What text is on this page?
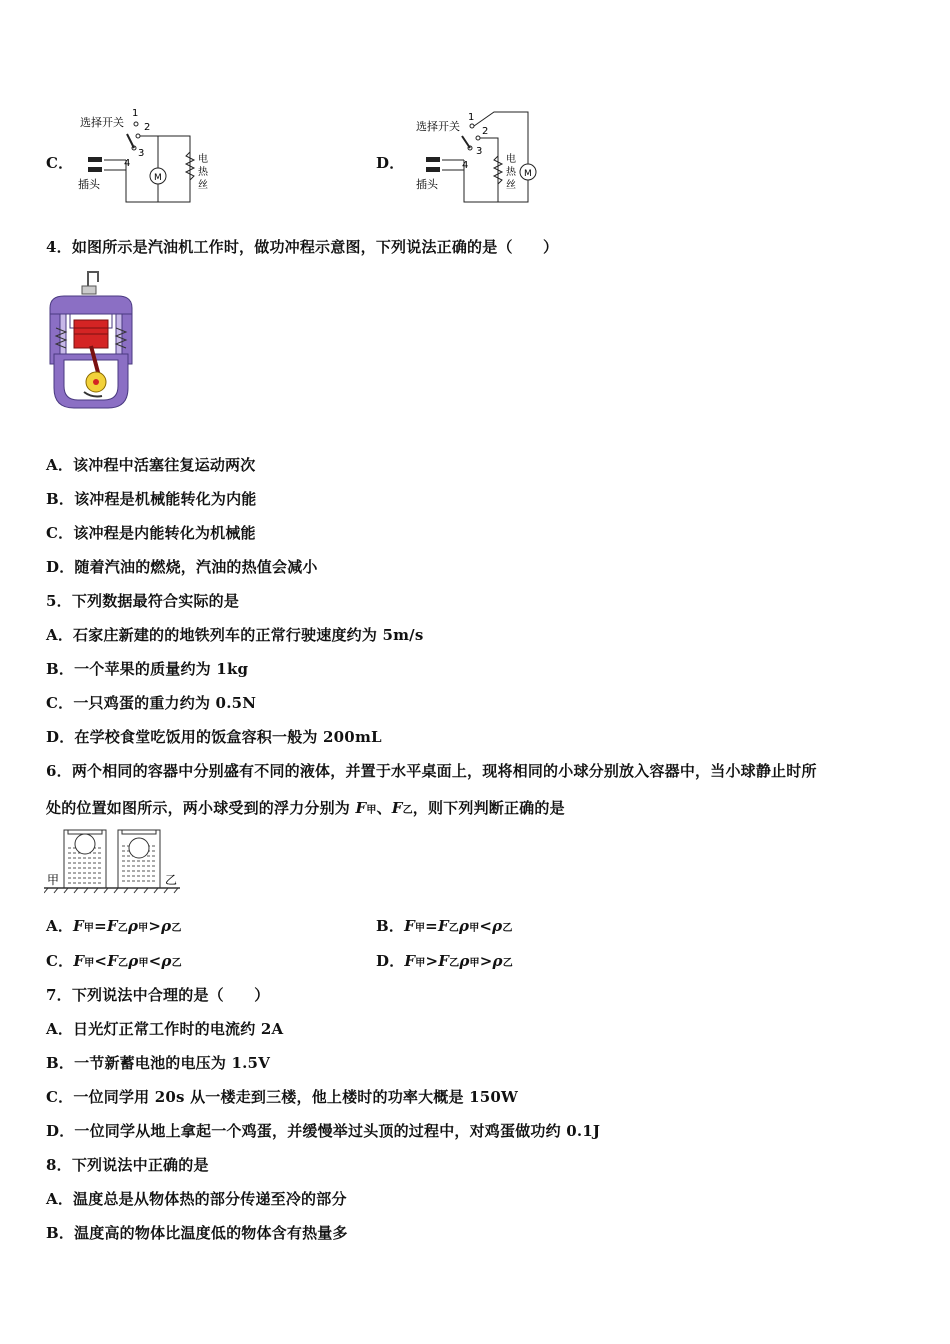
C．
选择开关
1
2
3
4
M
电
热
丝
插头
D．
选择开关
1
2
3
4
电
热
丝
M
插头
4．如图所示是汽油机工作时，做功冲程示意图，下列说法正确的是（　　）
A．该冲程中活塞往复运动两次
B．该冲程是机械能转化为内能
C．该冲程是内能转化为机械能
D．随着汽油的燃烧，汽油的热值会减小
5．下列数据最符合实际的是
A．石家庄新建的的地铁列车的正常行驶速度约为 5m/s
B．一个苹果的质量约为 1kg
C．一只鸡蛋的重力约为 0.5N
D．在学校食堂吃饭用的饭盒容积一般为 200mL
6．两个相同的容器中分别盛有不同的液体，并置于水平桌面上，现将相同的小球分别放入容器中，当小球静止时所
处的位置如图所示，两小球受到的浮力分别为 F甲、F乙，则下列判断正确的是
甲	乙
A．F甲=F乙ρ甲>ρ乙	B．F甲=F乙ρ甲<ρ乙
C．F甲<F乙ρ甲<ρ乙	D．F甲>F乙ρ甲>ρ乙
7．下列说法中合理的是（　　）
A．日光灯正常工作时的电流约 2A
B．一节新蓄电池的电压为 1.5V
C．一位同学用 20s 从一楼走到三楼，他上楼时的功率大概是 150W
D．一位同学从地上拿起一个鸡蛋，并缓慢举过头顶的过程中，对鸡蛋做功约 0.1J
8．下列说法中正确的是
A．温度总是从物体热的部分传递至冷的部分
B．温度高的物体比温度低的物体含有热量多
